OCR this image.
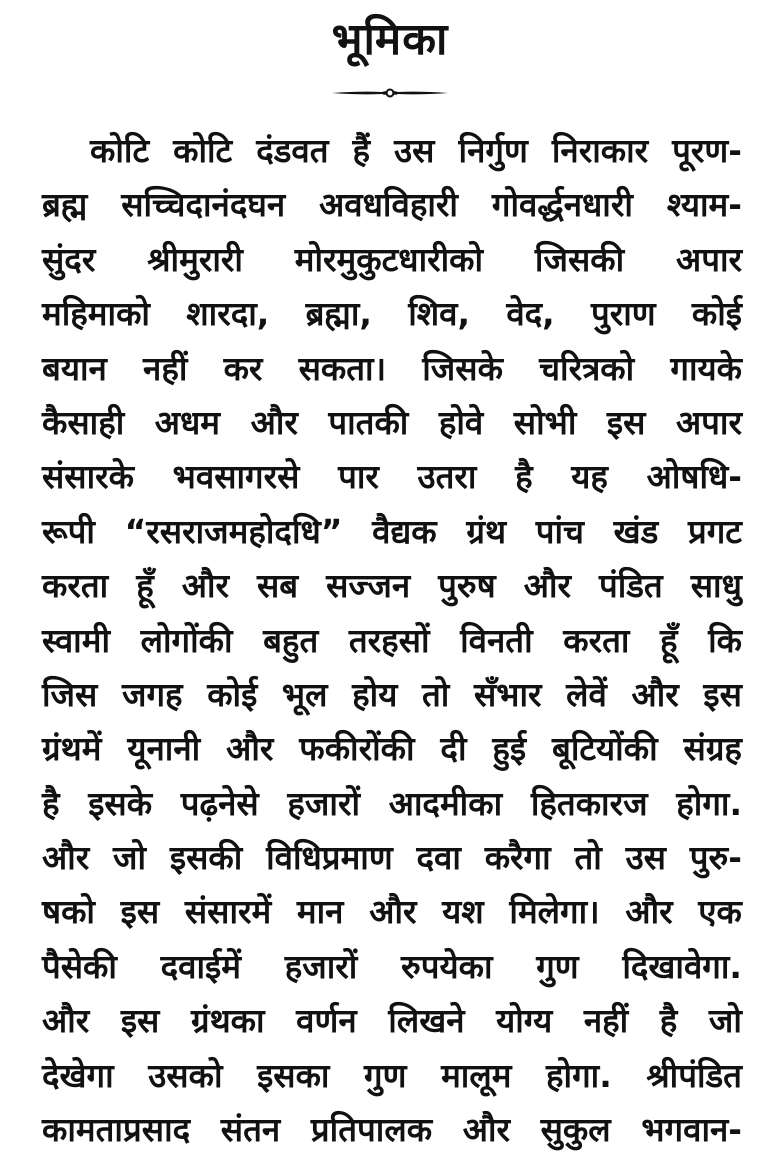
भूमिका
कोटि कोटि दंडवत हैं उस निर्गुण निराकार पूरण-
ब्रह्म सच्चिदानंदघन अवधविहारी गोवर्द्धनधारी श्याम-
सुंदर श्रीमुरारी मोरमुकुटधारीको जिसकी अपार
महिमाको शारदा, ब्रह्मा, शिव, वेद, पुराण कोई
बयान नहीं कर सकता। जिसके चरित्रको गायके
कैसाही अधम और पातकी होवे सोभी इस अपार
संसारके भवसागरसे पार उतरा है यह ओषधि-
रूपी “रसराजमहोदधि” वैद्यक ग्रंथ पांच खंड प्रगट
करता हूँ और सब सज्जन पुरुष और पंडित साधु
स्वामी लोगोंकी बहुत तरहसों विनती करता हूँ कि
जिस जगह कोई भूल होय तो सँभार लेवें और इस
ग्रंथमें यूनानी और फकीरोंकी दी हुई बूटियोंकी संग्रह
है इसके पढ़नेसे हजारों आदमीका हितकारज होगा.
और जो इसकी विधिप्रमाण दवा करैगा तो उस पुरु-
षको इस संसारमें मान और यश मिलेगा। और एक
पैसेकी दवाईमें हजारों रुपयेका गुण दिखावेगा.
और इस ग्रंथका वर्णन लिखने योग्य नहीं है जो
देखेगा उसको इसका गुण मालूम होगा. श्रीपंडित
कामताप्रसाद संतन प्रतिपालक और सुकुल भगवान-
